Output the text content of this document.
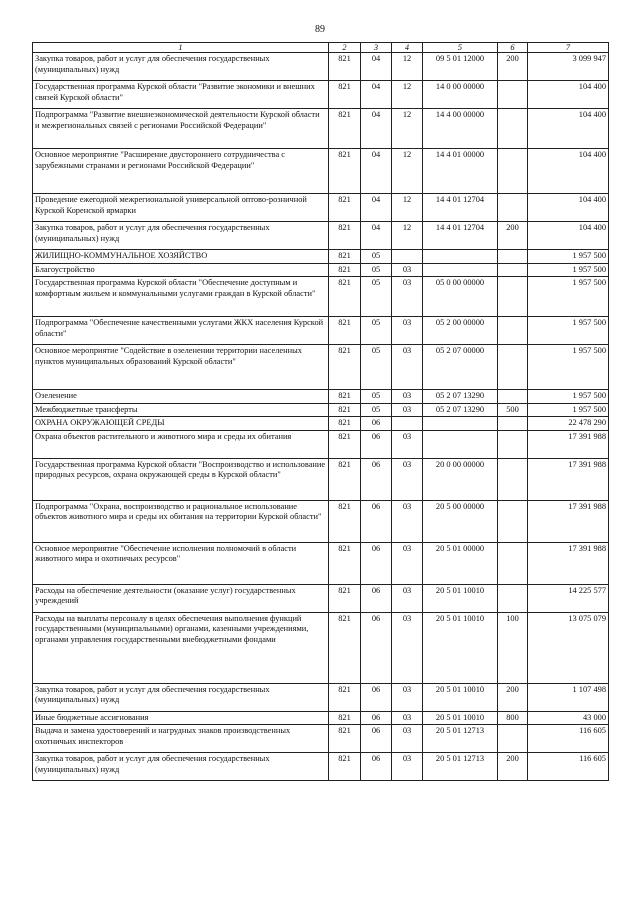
89
1	2	3	4	5	6	7
Закупка товаров, работ и услуг для обеспечения государственных (муниципальных) нужд	821	04	12	09 5 01 12000	200	3 099 947
Государственная программа Курской области "Развитие экономики и внешних связей Курской области"	821	04	12	14 0 00 00000		104 400
Подпрограмма "Развитие внешнеэкономической деятельности Курской области и межрегиональных связей с регионами Российской Федерации"	821	04	12	14 4 00 00000		104 400
Основное мероприятие "Расширение двустороннего сотрудничества с зарубежными странами и регионами Российской Федерации"	821	04	12	14 4 01 00000		104 400
Проведение ежегодной межрегиональной универсальной оптово-розничной Курской Коренской ярмарки	821	04	12	14 4 01 12704		104 400
Закупка товаров, работ и услуг для обеспечения государственных (муниципальных) нужд	821	04	12	14 4 01 12704	200	104 400
ЖИЛИЩНО-КОММУНАЛЬНОЕ ХОЗЯЙСТВО	821	05				1 957 500
Благоустройство	821	05	03			1 957 500
Государственная программа Курской области "Обеспечение доступным и комфортным жильем и коммунальными услугами граждан в Курской области"	821	05	03	05 0 00 00000		1 957 500
Подпрограмма "Обеспечение качественными услугами ЖКХ населения Курской области"	821	05	03	05 2 00 00000		1 957 500
Основное мероприятие "Содействие в озеленении территории населенных пунктов муниципальных образований Курской области"	821	05	03	05 2 07 00000		1 957 500
Озеленение	821	05	03	05 2 07 13290		1 957 500
Межбюджетные трансферты	821	05	03	05 2 07 13290	500	1 957 500
ОХРАНА ОКРУЖАЮЩЕЙ СРЕДЫ	821	06				22 478 290
Охрана объектов растительного и животного мира и среды их обитания	821	06	03			17 391 988
Государственная программа Курской области "Воспроизводство и использование природных ресурсов, охрана окружающей среды в Курской области"	821	06	03	20 0 00 00000		17 391 988
Подпрограмма "Охрана, воспроизводство и рациональное использование объектов животного мира и среды их обитания на территории Курской области"	821	06	03	20 5 00 00000		17 391 988
Основное мероприятие "Обеспечение исполнения полномочий в области животного мира и охотничьих ресурсов"	821	06	03	20 5 01 00000		17 391 988
Расходы на обеспечение деятельности (оказание услуг) государственных учреждений	821	06	03	20 5 01 10010		14 225 577
Расходы на выплаты персоналу в целях обеспечения выполнения функций государственными (муниципальными) органами, казенными учреждениями, органами управления государственными внебюджетными фондами	821	06	03	20 5 01 10010	100	13 075 079
Закупка товаров, работ и услуг для обеспечения государственных (муниципальных) нужд	821	06	03	20 5 01 10010	200	1 107 498
Иные бюджетные ассигнования	821	06	03	20 5 01 10010	800	43 000
Выдача и замена удостоверений и нагрудных знаков производственных охотничьих инспекторов	821	06	03	20 5 01 12713		116 605
Закупка товаров, работ и услуг для обеспечения государственных (муниципальных) нужд	821	06	03	20 5 01 12713	200	116 605
